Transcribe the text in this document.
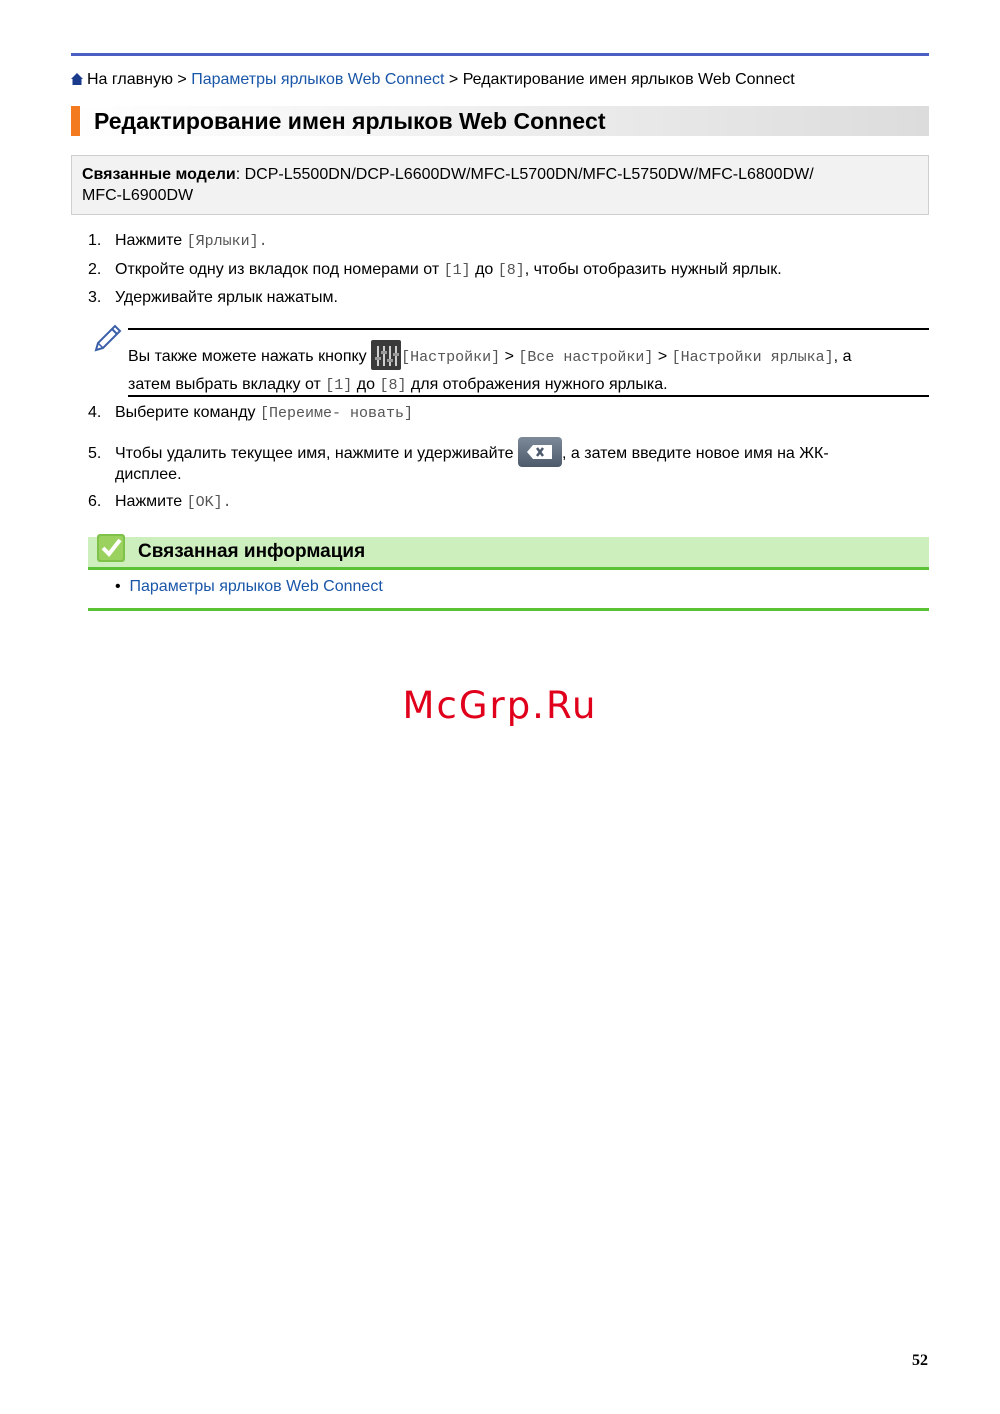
На главную > Параметры ярлыков Web Connect > Редактирование имен ярлыков Web Connect
Редактирование имен ярлыков Web Connect
Связанные модели: DCP-L5500DN/DCP-L6600DW/MFC-L5700DN/MFC-L5750DW/MFC-L6800DW/
MFC-L6900DW
1. Нажмите [Ярлыки].
2. Откройте одну из вкладок под номерами от [1] до [8], чтобы отобразить нужный ярлык.
3. Удерживайте ярлык нажатым.
4. Выберите команду [Переиме- новать]
5. Чтобы удалить текущее имя, нажмите и удерживайте	, а затем введите новое имя на ЖК-
6. Нажмите [OK].
дисплее.
Вы также можете нажать кнопку [Настройки] > [Все настройки] > [Настройки ярлыка], а
затем выбрать вкладку от [1] до [8] для отображения нужного ярлыка.
Связанная информация
• Параметры ярлыков Web Connect
McGrp.Ru
52
